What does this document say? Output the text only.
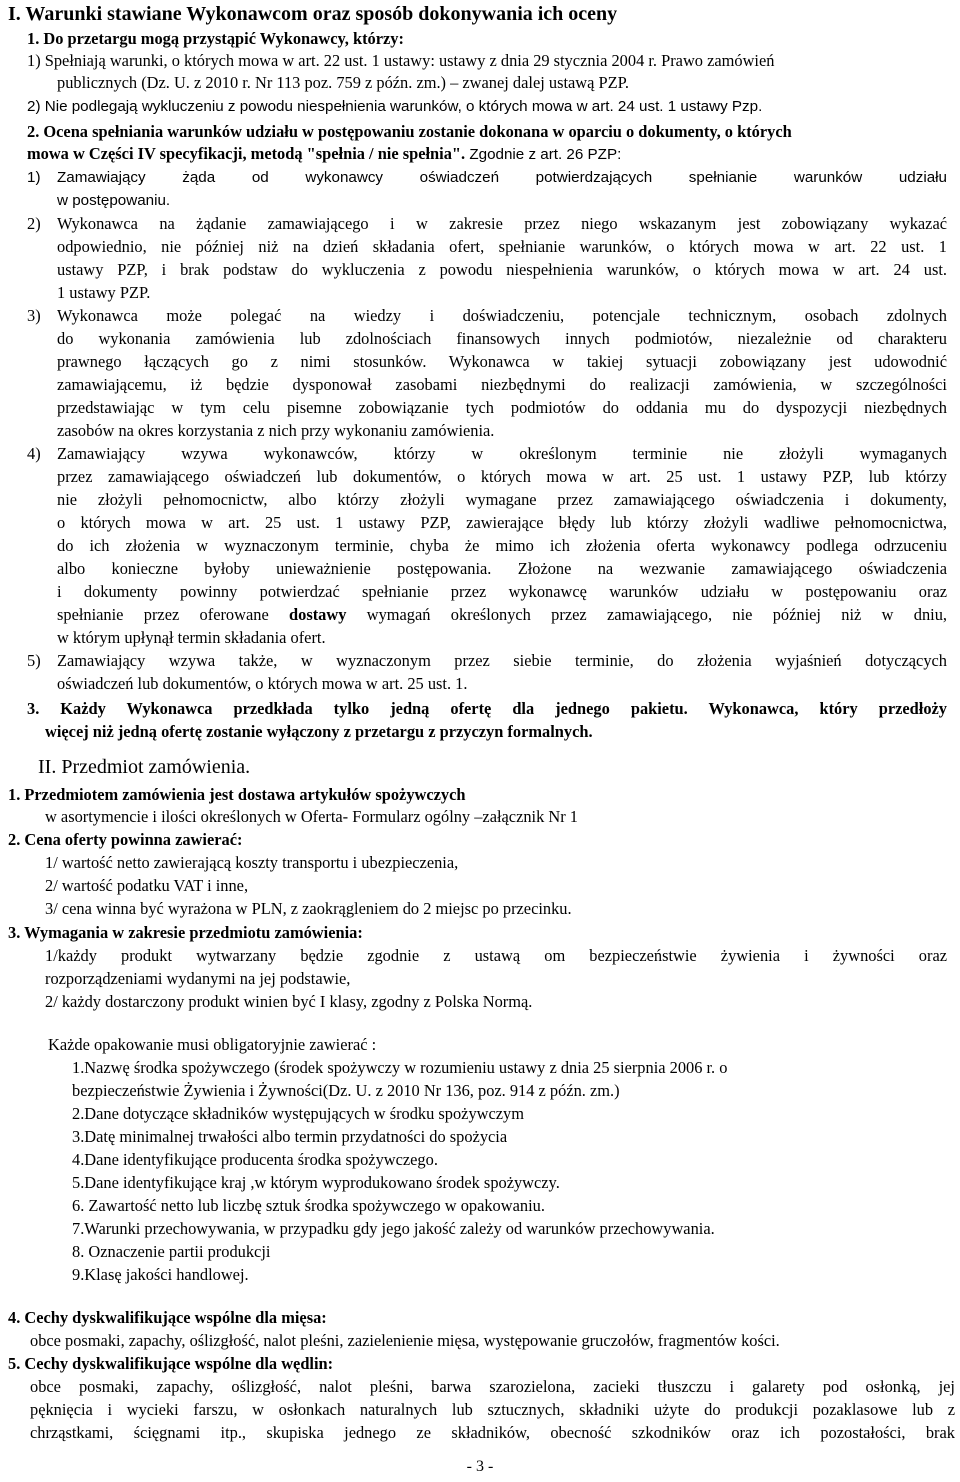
I. Warunki stawiane Wykonawcom oraz sposób dokonywania ich oceny
1. Do przetargu mogą przystąpić Wykonawcy, którzy:
1) Spełniają warunki, o których mowa w art. 22 ust. 1 ustawy: ustawy z dnia 29 stycznia 2004 r. Prawo zamówień
publicznych (Dz. U. z 2010 r. Nr 113 poz. 759 z późn. zm.) – zwanej dalej ustawą PZP.
2) Nie podlegają wykluczeniu z powodu niespełnienia warunków, o których mowa w art. 24 ust. 1 ustawy Pzp.
2. Ocena spełniania warunków udziału w postępowaniu zostanie dokonana w oparciu o dokumenty, o których
mowa w Części IV specyfikacji, metodą "spełnia / nie spełnia". Zgodnie z art. 26 PZP:
1) Zamawiający żąda od wykonawcy oświadczeń potwierdzających spełnianie warunków udziału
w postępowaniu.
2) Wykonawca na żądanie zamawiającego i w zakresie przez niego wskazanym jest zobowiązany wykazać
odpowiednio, nie później niż na dzień składania ofert, spełnianie warunków, o których mowa w art. 22 ust. 1
ustawy PZP, i brak podstaw do wykluczenia z powodu niespełnienia warunków, o których mowa w art. 24 ust.
1 ustawy PZP.
3) Wykonawca może polegać na wiedzy i doświadczeniu, potencjale technicznym, osobach zdolnych
do wykonania zamówienia lub zdolnościach finansowych innych podmiotów, niezależnie od charakteru
prawnego łączących go z nimi stosunków. Wykonawca w takiej sytuacji zobowiązany jest udowodnić
zamawiającemu, iż będzie dysponował zasobami niezbędnymi do realizacji zamówienia, w szczególności
przedstawiając w tym celu pisemne zobowiązanie tych podmiotów do oddania mu do dyspozycji niezbędnych
zasobów na okres korzystania z nich przy wykonaniu zamówienia.
4) Zamawiający wzywa wykonawców, którzy w określonym terminie nie złożyli wymaganych
przez zamawiającego oświadczeń lub dokumentów, o których mowa w art. 25 ust. 1 ustawy PZP, lub którzy
nie złożyli pełnomocnictw, albo którzy złożyli wymagane przez zamawiającego oświadczenia i dokumenty,
o których mowa w art. 25 ust. 1 ustawy PZP, zawierające błędy lub którzy złożyli wadliwe pełnomocnictwa,
do ich złożenia w wyznaczonym terminie, chyba że mimo ich złożenia oferta wykonawcy podlega odrzuceniu
albo konieczne byłoby unieważnienie postępowania. Złożone na wezwanie zamawiającego oświadczenia
i dokumenty powinny potwierdzać spełnianie przez wykonawcę warunków udziału w postępowaniu oraz
spełnianie przez oferowane dostawy wymagań określonych przez zamawiającego, nie później niż w dniu,
w którym upłynął termin składania ofert.
5) Zamawiający wzywa także, w wyznaczonym przez siebie terminie, do złożenia wyjaśnień dotyczących
oświadczeń lub dokumentów, o których mowa w art. 25 ust. 1.
3. Każdy Wykonawca przedkłada tylko jedną ofertę dla jednego pakietu. Wykonawca, który przedłoży
więcej niż jedną ofertę zostanie wyłączony z przetargu z przyczyn formalnych.
II. Przedmiot zamówienia.
1. Przedmiotem zamówienia jest dostawa artykułów spożywczych
w asortymencie i ilości określonych w Oferta- Formularz ogólny –załącznik Nr 1
2. Cena oferty powinna zawierać:
1/ wartość netto zawierającą koszty transportu i ubezpieczenia,
2/ wartość podatku VAT i inne,
3/ cena winna być wyrażona w PLN, z zaokrągleniem do 2 miejsc po przecinku.
3. Wymagania w zakresie przedmiotu zamówienia:
1/każdy produkt wytwarzany będzie zgodnie z ustawą om bezpieczeństwie żywienia i żywności oraz
rozporządzeniami wydanymi na jej podstawie,
2/ każdy dostarczony produkt winien być I klasy, zgodny z Polska Normą.
Każde opakowanie musi obligatoryjnie zawierać :
1.Nazwę środka spożywczego (środek spożywczy w rozumieniu ustawy z dnia 25 sierpnia 2006 r. o
bezpieczeństwie Żywienia i Żywności(Dz. U. z 2010 Nr 136, poz. 914 z późn. zm.)
2.Dane dotyczące składników występujących w środku spożywczym
3.Datę minimalnej trwałości albo termin przydatności do spożycia
4.Dane identyfikujące producenta środka spożywczego.
5.Dane identyfikujące kraj ,w którym wyprodukowano środek spożywczy.
6. Zawartość netto lub liczbę sztuk środka spożywczego w opakowaniu.
7.Warunki przechowywania, w przypadku gdy jego jakość zależy od warunków przechowywania.
8. Oznaczenie partii produkcji
9.Klasę jakości handlowej.
4. Cechy dyskwalifikujące wspólne dla mięsa:
obce posmaki, zapachy, oślizgłość, nalot pleśni, zazielenienie mięsa, występowanie gruczołów, fragmentów kości.
5. Cechy dyskwalifikujące wspólne dla wędlin:
obce posmaki, zapachy, oślizgłość, nalot pleśni, barwa szarozielona, zacieki tłuszczu i galarety pod osłonką, jej
pęknięcia i wycieki farszu, w osłonkach naturalnych lub sztucznych, składniki użyte do produkcji pozaklasowe lub z
chrząstkami, ścięgnami itp., skupiska jednego ze składników, obecność szkodników oraz ich pozostałości, brak
- 3 -
